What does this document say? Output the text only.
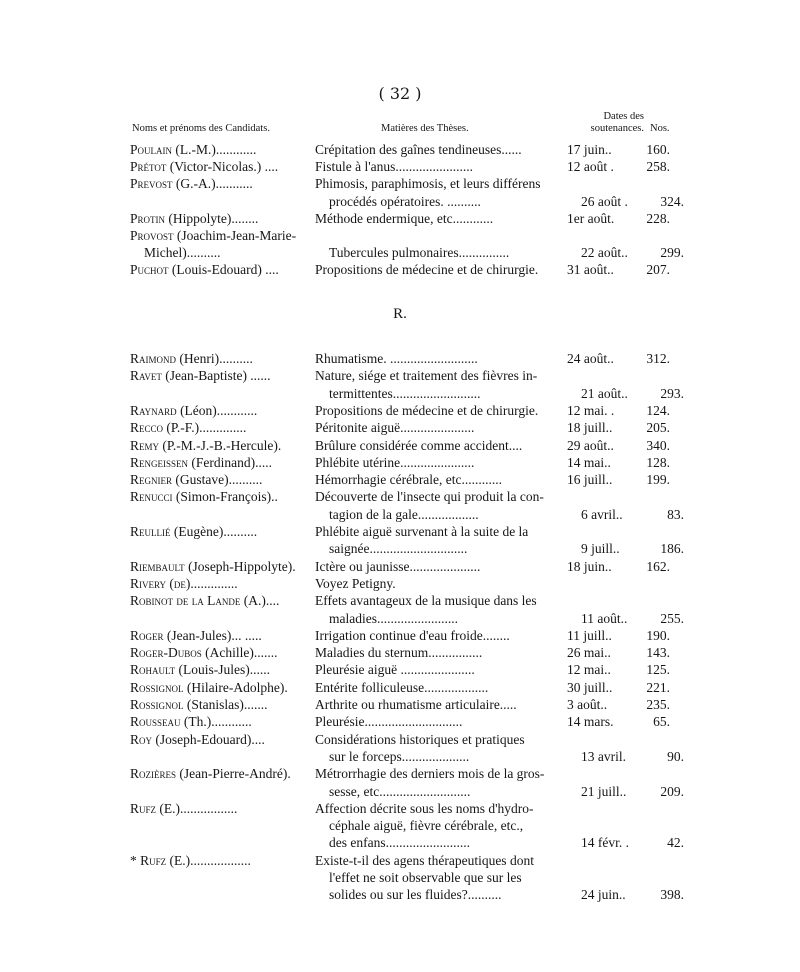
( 32 )
Noms et prénoms des Candidats.	Matières des Thèses.
Dates des soutenances. Nos.
Poulain (L.-M.)............	Crépitation des gaînes tendineuses......	17 juin..	160.
Prétot (Victor-Nicolas.) ....	Fistule à l'anus.......................	12 août .	258.
Prevost (G.-A.)...........	Phimosis, paraphimosis, et leurs différens
procédés opératoires. ..........	26 août .	324.
Protin (Hippolyte)........	Méthode endermique, etc............	1er août.	228.
Provost (Joachim-Jean-Marie-
Michel)..........	Tubercules pulmonaires...............	22 août..	299.
Puchot (Louis-Edouard) ....	Propositions de médecine et de chirurgie.	31 août..	207.
R.
Raimond (Henri)..........	Rhumatisme. ..........................	24 août..	312.
Ravet (Jean-Baptiste) ......	Nature, siége et traitement des fièvres in-
termittentes..........................	21 août..	293.
Raynard (Léon)............	Propositions de médecine et de chirurgie.	12 mai. .	124.
Recco (P.-F.)..............	Péritonite aiguë......................	18 juill..	205.
Remy (P.-M.-J.-B.-Hercule).	Brûlure considérée comme accident....	29 août..	340.
Rengeissen (Ferdinand).....	Phlébite utérine......................	14 mai..	128.
Regnier (Gustave)..........	Hémorrhagie cérébrale, etc............	16 juill..	199.
Renucci (Simon-François)..	Découverte de l'insecte qui produit la con-
tagion de la gale..................	6 avril..	83.
Reullié (Eugène)..........	Phlébite aiguë survenant à la suite de la
saignée.............................	9 juill..	186.
Riembault (Joseph-Hippolyte).	Ictère ou jaunisse.....................	18 juin..	162.
Rivery (de)..............	Voyez Petigny.
Robinot de la Lande (A.)....	Effets avantageux de la musique dans les
maladies........................	11 août..	255.
Roger (Jean-Jules)... .....	Irrigation continue d'eau froide........	11 juill..	190.
Roger-Dubos (Achille).......	Maladies du sternum................	26 mai..	143.
Rohault (Louis-Jules)......	Pleurésie aiguë ......................	12 mai..	125.
Rossignol (Hilaire-Adolphe).	Entérite folliculeuse...................	30 juill..	221.
Rossignol (Stanislas).......	Arthrite ou rhumatisme articulaire.....	3 août..	235.
Rousseau (Th.)............	Pleurésie.............................	14 mars.	65.
Roy (Joseph-Edouard)....	Considérations historiques et pratiques
sur le forceps....................	13 avril.	90.
Rozières (Jean-Pierre-André).	Métrorrhagie des derniers mois de la gros-
sesse, etc...........................	21 juill..	209.
Rufz (E.).................	Affection décrite sous les noms d'hydro-
céphale aiguë, fièvre cérébrale, etc.,
des enfans.........................	14 févr. .	42.
* Rufz (E.)..................	Existe-t-il des agens thérapeutiques dont
l'effet ne soit observable que sur les
solides ou sur les fluides?..........	24 juin..	398.
